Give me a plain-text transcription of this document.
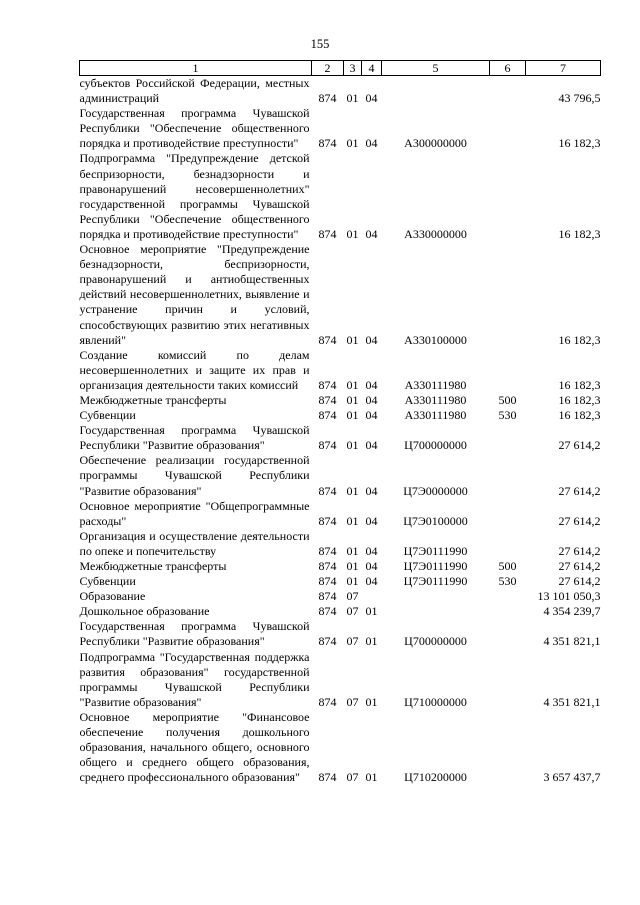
155
1	2	3	4	5	6	7
субъектов Российской Федерации, местных администраций	874	01	04			43 796,5
Государственная программа Чувашской Республики "Обеспечение общественного порядка и противодействие преступности"	874	01	04	А300000000		16 182,3
Подпрограмма "Предупреждение детской беспризорности, безнадзорности и правонарушений несовершеннолетних" государственной программы Чувашской Республики "Обеспечение общественного порядка и противодействие преступности"	874	01	04	А330000000		16 182,3
Основное мероприятие "Предупреждение безнадзорности, беспризорности, правонарушений и антиобщественных действий несовершеннолетних, выявление и устранение причин и условий, способствующих развитию этих негативных явлений"	874	01	04	А330100000		16 182,3
Создание комиссий по делам несовершеннолетних и защите их прав и организация деятельности таких комиссий	874	01	04	А330111980		16 182,3
Межбюджетные трансферты	874	01	04	А330111980	500	16 182,3
Субвенции	874	01	04	А330111980	530	16 182,3
Государственная программа Чувашской Республики "Развитие образования"	874	01	04	Ц700000000		27 614,2
Обеспечение реализации государственной программы Чувашской Республики "Развитие образования"	874	01	04	Ц7Э0000000		27 614,2
Основное мероприятие "Общепрограммные расходы"	874	01	04	Ц7Э0100000		27 614,2
Организация и осуществление деятельности по опеке и попечительству	874	01	04	Ц7Э0111990		27 614,2
Межбюджетные трансферты	874	01	04	Ц7Э0111990	500	27 614,2
Субвенции	874	01	04	Ц7Э0111990	530	27 614,2
Образование	874	07				13 101 050,3
Дошкольное образование	874	07	01			4 354 239,7
Государственная программа Чувашской Республики "Развитие образования"	874	07	01	Ц700000000		4 351 821,1
Подпрограмма "Государственная поддержка развития образования" государственной программы Чувашской Республики "Развитие образования"	874	07	01	Ц710000000		4 351 821,1
Основное мероприятие "Финансовое обеспечение получения дошкольного образования, начального общего, основного общего и среднего общего образования, среднего профессионального образования"	874	07	01	Ц710200000		3 657 437,7
